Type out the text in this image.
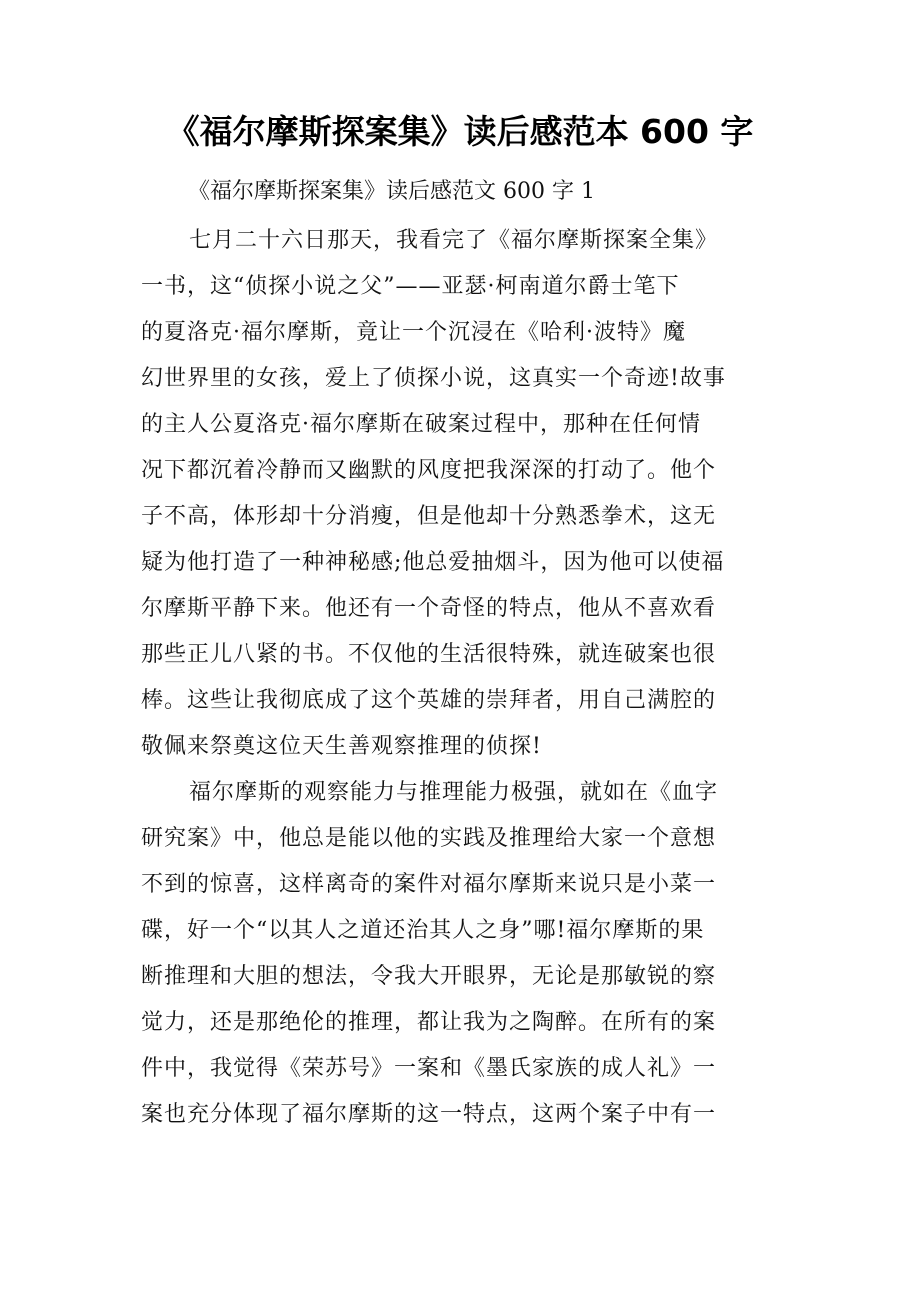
《福尔摩斯探案集》读后感范本 600 字
《福尔摩斯探案集》读后感范文 600 字 1
七月二十六日那天，我看完了《福尔摩斯探案全集》
一书，这“侦探小说之父”——亚瑟·柯南道尔爵士笔下
的夏洛克·福尔摩斯，竟让一个沉浸在《哈利·波特》魔
幻世界里的女孩，爱上了侦探小说，这真实一个奇迹!故事
的主人公夏洛克·福尔摩斯在破案过程中，那种在任何情
况下都沉着冷静而又幽默的风度把我深深的打动了。他个
子不高，体形却十分消瘦，但是他却十分熟悉拳术，这无
疑为他打造了一种神秘感;他总爱抽烟斗，因为他可以使福
尔摩斯平静下来。他还有一个奇怪的特点，他从不喜欢看
那些正儿八紧的书。不仅他的生活很特殊，就连破案也很
棒。这些让我彻底成了这个英雄的崇拜者，用自己满腔的
敬佩来祭奠这位天生善观察推理的侦探!
福尔摩斯的观察能力与推理能力极强，就如在《血字
研究案》中，他总是能以他的实践及推理给大家一个意想
不到的惊喜，这样离奇的案件对福尔摩斯来说只是小菜一
碟，好一个“以其人之道还治其人之身”哪!福尔摩斯的果
断推理和大胆的想法，令我大开眼界，无论是那敏锐的察
觉力，还是那绝伦的推理，都让我为之陶醉。在所有的案
件中，我觉得《荣苏号》一案和《墨氏家族的成人礼》一
案也充分体现了福尔摩斯的这一特点，这两个案子中有一
